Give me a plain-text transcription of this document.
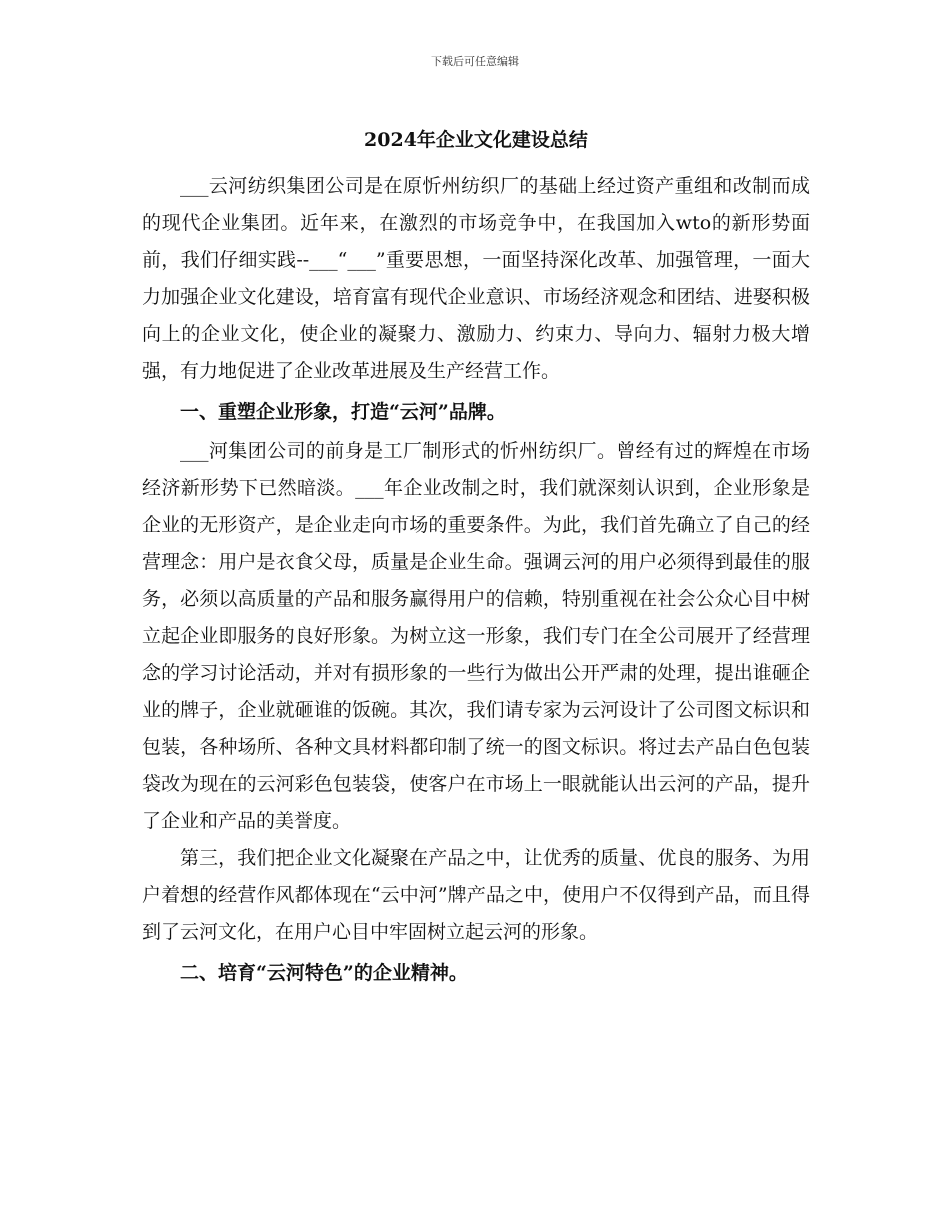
下载后可任意编辑
2024年企业文化建设总结

___云河纺织集团公司是在原忻州纺织厂的基础上经过资产重组和改制而成的现代企业集团。近年来，在激烈的市场竞争中，在我国加入wto的新形势面前，我们仔细实践--___“___”重要思想，一面坚持深化改革、加强管理，一面大力加强企业文化建设，培育富有现代企业意识、市场经济观念和团结、进娶积极向上的企业文化，使企业的凝聚力、激励力、约束力、导向力、辐射力极大增强，有力地促进了企业改革进展及生产经营工作。

一、重塑企业形象，打造“云河”品牌。

___河集团公司的前身是工厂制形式的忻州纺织厂。曾经有过的辉煌在市场经济新形势下已然暗淡。___年企业改制之时，我们就深刻认识到，企业形象是企业的无形资产，是企业走向市场的重要条件。为此，我们首先确立了自己的经营理念：用户是衣食父母，质量是企业生命。强调云河的用户必须得到最佳的服务，必须以高质量的产品和服务赢得用户的信赖，特别重视在社会公众心目中树立起企业即服务的良好形象。为树立这一形象，我们专门在全公司展开了经营理念的学习讨论活动，并对有损形象的一些行为做出公开严肃的处理，提出谁砸企业的牌子，企业就砸谁的饭碗。其次，我们请专家为云河设计了公司图文标识和包装，各种场所、各种文具材料都印制了统一的图文标识。将过去产品白色包装袋改为现在的云河彩色包装袋，使客户在市场上一眼就能认出云河的产品，提升了企业和产品的美誉度。

第三，我们把企业文化凝聚在产品之中，让优秀的质量、优良的服务、为用户着想的经营作风都体现在“云中河”牌产品之中，使用户不仅得到产品，而且得到了云河文化，在用户心目中牢固树立起云河的形象。

二、培育“云河特色”的企业精神。
